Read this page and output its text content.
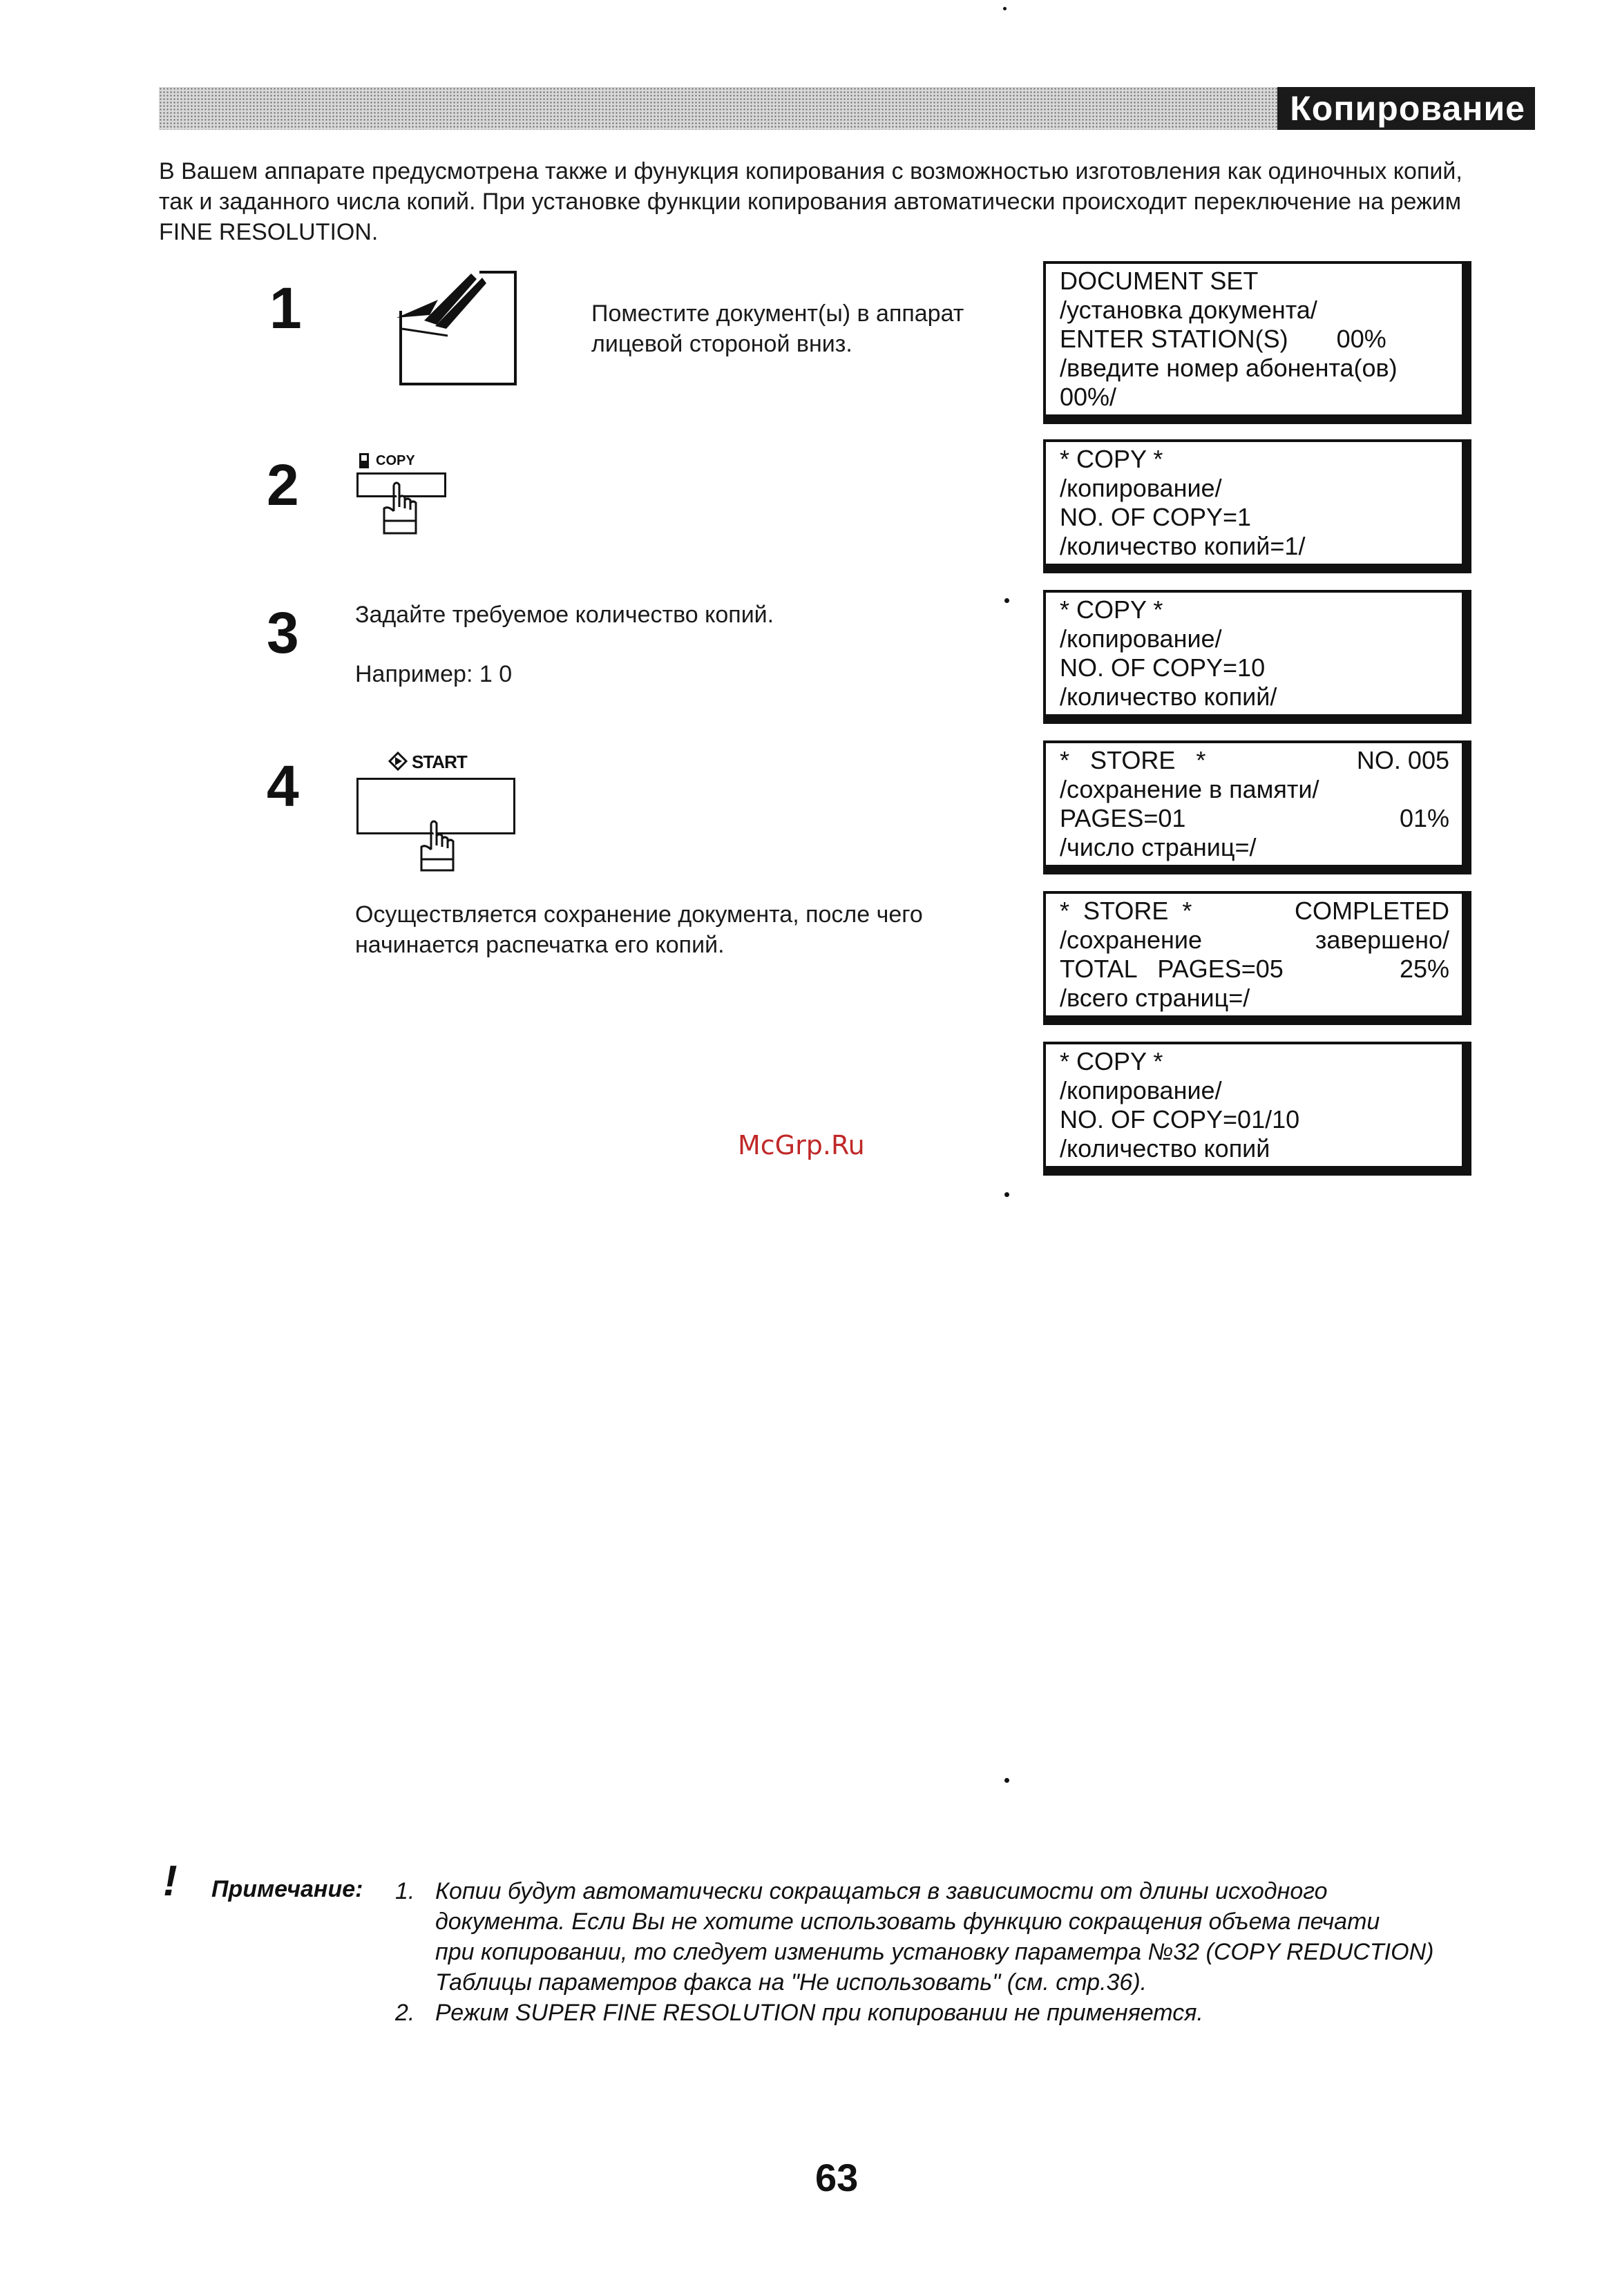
Копирование
В Вашем аппарате предусмотрена также и фунукция копирования с возможностью изготовления как одиночных копий, так и заданного числа копий. При установке функции копирования автоматически происходит переключение на режим FINE RESOLUTION.
1	Поместите документ(ы) в аппарат лицевой стороной вниз.
2	COPY
3 Задайте требуемое количество копий.
Например: 1 0
4	START
Осуществляется сохранение документа, после чего начинается распечатка его копий.
DOCUMENT SET
/установка документа/
ENTER STATION(S) 00%
/введите номер абонента(ов)
00%/
* COPY *
/копирование/
NO. OF COPY=1
/количество копий=1/
* COPY *
/копирование/
NO. OF COPY=10
/количество копий/
*   STORE   *	NO. 005
/сохранение в памяти/
PAGES=01	01%
/число страниц=/
*  STORE  *	COMPLETED
/сохранение	завершено/
TOTAL   PAGES=05	25%
/всего страниц=/
* COPY *
/копирование/
NO. OF COPY=01/10
/количество копий
McGrp.Ru
! Примечание: 1. Копии будут автоматически сокращаться в зависимости от длины исходного
документа. Если Вы не хотите использовать функцию сокращения объема печати
при копировании, то следует изменить установку параметра №32 (COPY REDUCTION)
Таблицы параметров факса на "Не использовать" (см. стр.36).
2. Режим SUPER FINE RESOLUTION при копировании не применяется.
63
